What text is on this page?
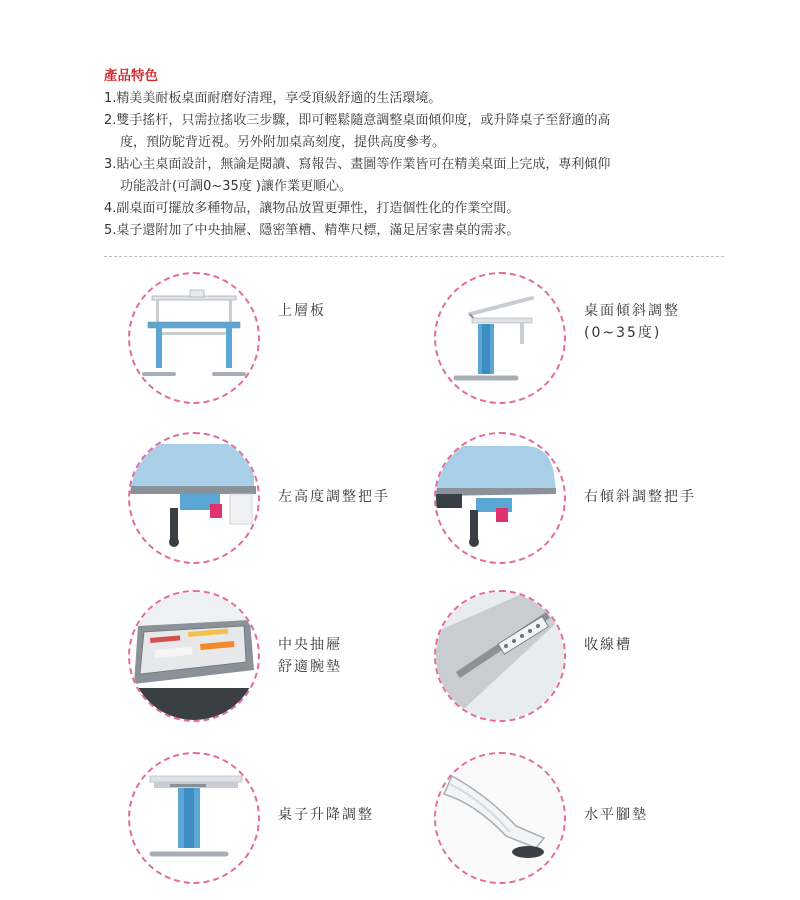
產品特色
1.精美美耐板桌面耐磨好清理，享受頂級舒適的生活環境。
2.雙手搖杆，只需拉搖收三步驟，即可輕鬆隨意調整桌面傾仰度，或升降桌子至舒適的高
度，預防駝背近視。另外附加桌高刻度，提供高度參考。
3.貼心主桌面設計，無論是閱讀、寫報告、畫圖等作業皆可在精美桌面上完成，專利傾仰
功能設計(可調0~35度 )讓作業更順心。
4.副桌面可擺放多種物品，讓物品放置更彈性，打造個性化的作業空間。
5.桌子還附加了中央抽屜、隱密筆槽、精準尺標，滿足居家書桌的需求。
上層板	桌面傾斜調整
(0~35度)
左高度調整把手	右傾斜調整把手
中央抽屜
舒適腕墊
收線槽
桌子升降調整	水平腳墊
